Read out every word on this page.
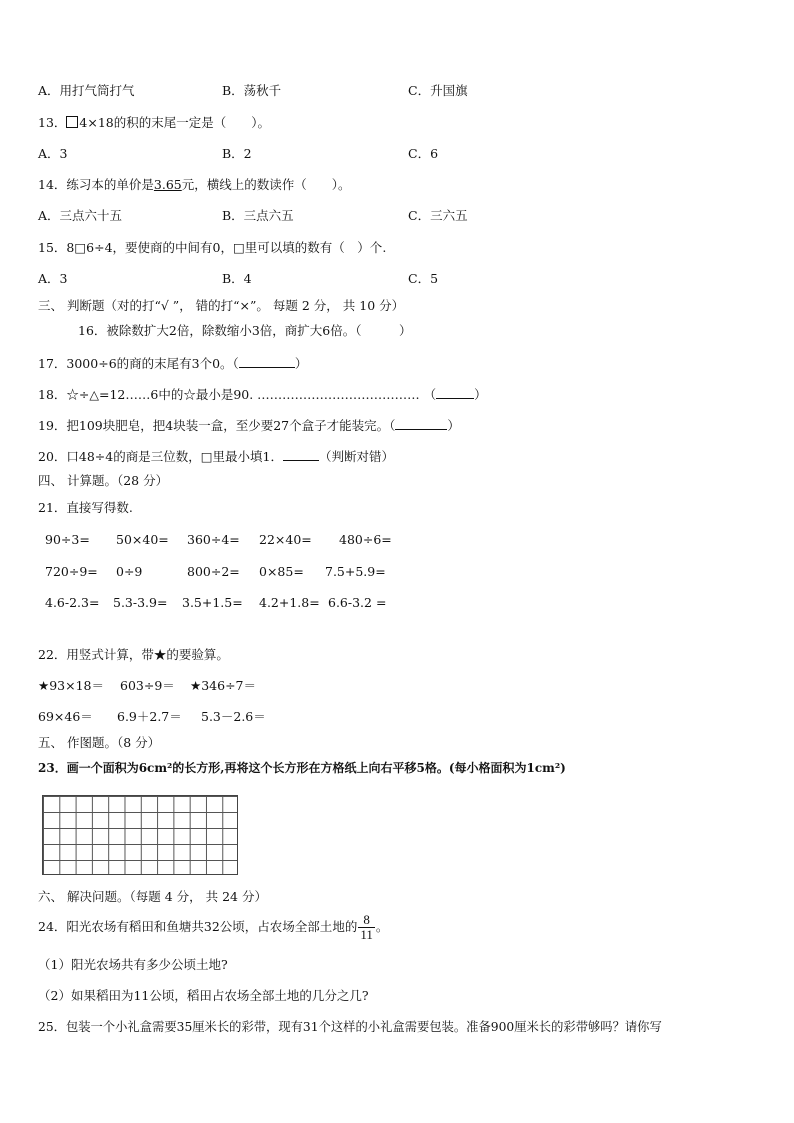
A．用打气筒打气	B．荡秋千	C．升国旗
13． 4×18的积的末尾一定是（　　）。
A．3	B．2	C．6
14．练习本的单价是3.65元，横线上的数读作（　　）。
A．三点六十五	B．三点六五	C．三六五
15．8□6÷4，要使商的中间有0，□里可以填的数有（　）个.
A．3	B．4	C．5
三、 判断题（对的打“√ ”， 错的打“×”。 每题 2 分， 共 10 分）
16．被除数扩大2倍，除数缩小3倍，商扩大6倍。（　　　）
17．3000÷6的商的末尾有3个0。（	）
18．☆÷△=12……6中的☆最小是90. ………………………………… （	）
19．把109块肥皂，把4块装一盒，至少要27个盒子才能装完。（	）
20．口48÷4的商是三位数，□里最小填1．	（判断对错）
四、 计算题。（28 分）
21．直接写得数.
90÷3= 50×40= 360÷4= 22×40= 480÷6=
720÷9= 0÷9	800÷2= 0×85= 7.5+5.9=
4.6-2.3= 5.3-3.9= 3.5+1.5= 4.2+1.8= 6.6-3.2 =
22．用竖式计算，带★的要验算。
★93×18＝ 603÷9＝ ★346÷7＝
69×46＝ 6.9＋2.7＝ 5.3－2.6＝
五、 作图题。（8 分）
23．画一个面积为6cm²的长方形,再将这个长方形在方格纸上向右平移5格。(每小格面积为1cm²)
六、 解决问题。（每题 4 分， 共 24 分）
24．阳光农场有稻田和鱼塘共32公顷，占农场全部土地的 $\frac{8}{11}$ 。
（1）阳光农场共有多少公顷土地?
（2）如果稻田为11公顷，稻田占农场全部土地的几分之几?
25．包装一个小礼盒需要35厘米长的彩带，现有31个这样的小礼盒需要包装。准备900厘米长的彩带够吗？请你写
